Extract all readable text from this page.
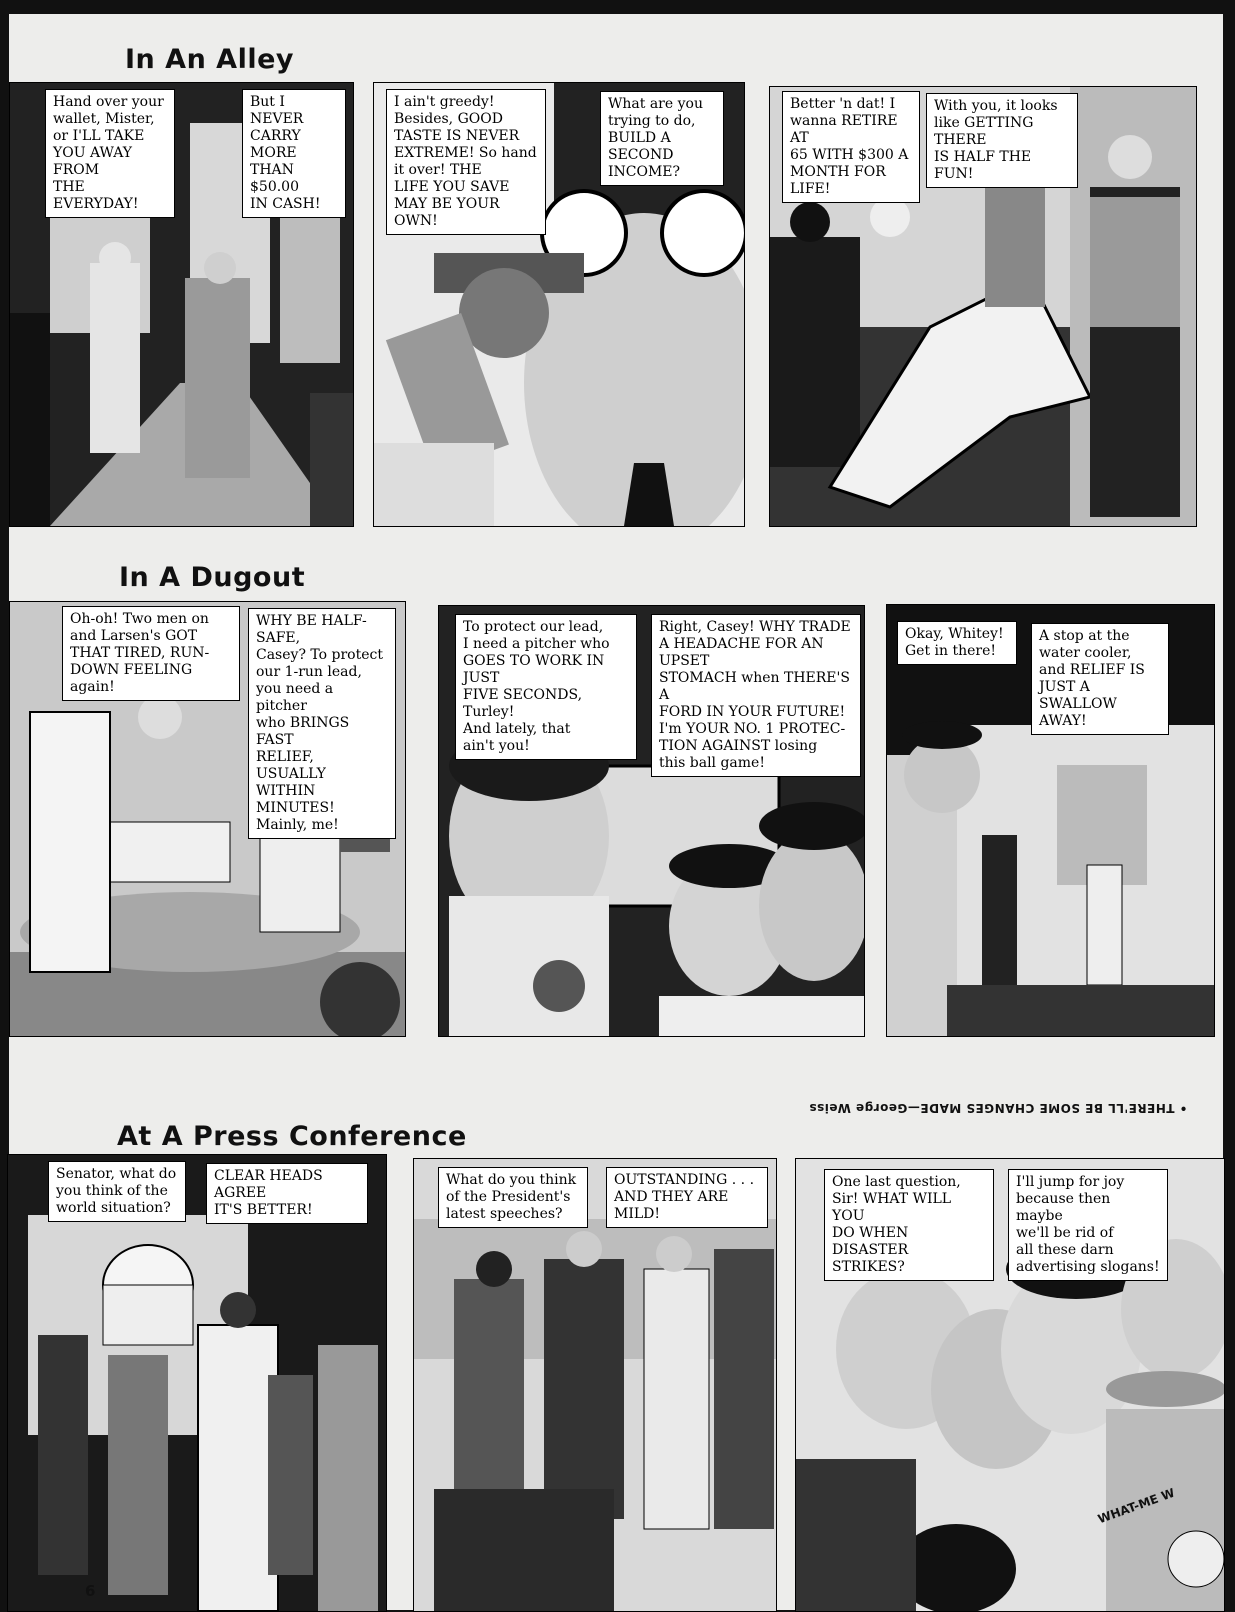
In An Alley
Hand over your
wallet, Mister,
or I'LL TAKE
YOU AWAY FROM
THE EVERYDAY!
But I NEVER
CARRY MORE
THAN $50.00
IN CASH!
I ain't greedy!
Besides, GOOD
TASTE IS NEVER
EXTREME! So hand
it over! THE
LIFE YOU SAVE
MAY BE YOUR OWN!
What are you
trying to do,
BUILD A SECOND
INCOME?
Better 'n dat! I
wanna RETIRE AT
65 WITH $300 A
MONTH FOR LIFE!
With you, it looks
like GETTING THERE
IS HALF THE FUN!
In A Dugout
Oh-oh! Two men on
and Larsen's GOT
THAT TIRED, RUN-
DOWN FEELING again!
WHY BE HALF-SAFE,
Casey? To protect
our 1-run lead,
you need a pitcher
who BRINGS FAST
RELIEF, USUALLY
WITHIN MINUTES!
Mainly, me!
To protect our lead,
I need a pitcher who
GOES TO WORK IN JUST
FIVE SECONDS, Turley!
And lately, that
ain't you!
Right, Casey! WHY TRADE
A HEADACHE FOR AN UPSET
STOMACH when THERE'S A
FORD IN YOUR FUTURE!
I'm YOUR NO. 1 PROTEC-
TION AGAINST losing
this ball game!
Okay, Whitey!
Get in there!
A stop at the
water cooler,
and RELIEF IS
JUST A SWALLOW
AWAY!
• THERE'LL BE SOME CHANGES MADE—George Weiss
At A Press Conference
Senator, what do
you think of the
world situation?
CLEAR HEADS AGREE
IT'S BETTER!
What do you think
of the President's
latest speeches?
OUTSTANDING . . .
AND THEY ARE MILD!
One last question,
Sir! WHAT WILL YOU
DO WHEN DISASTER
STRIKES?
I'll jump for joy
because then maybe
we'll be rid of
all these darn
advertising slogans!
WHAT-ME W
6
